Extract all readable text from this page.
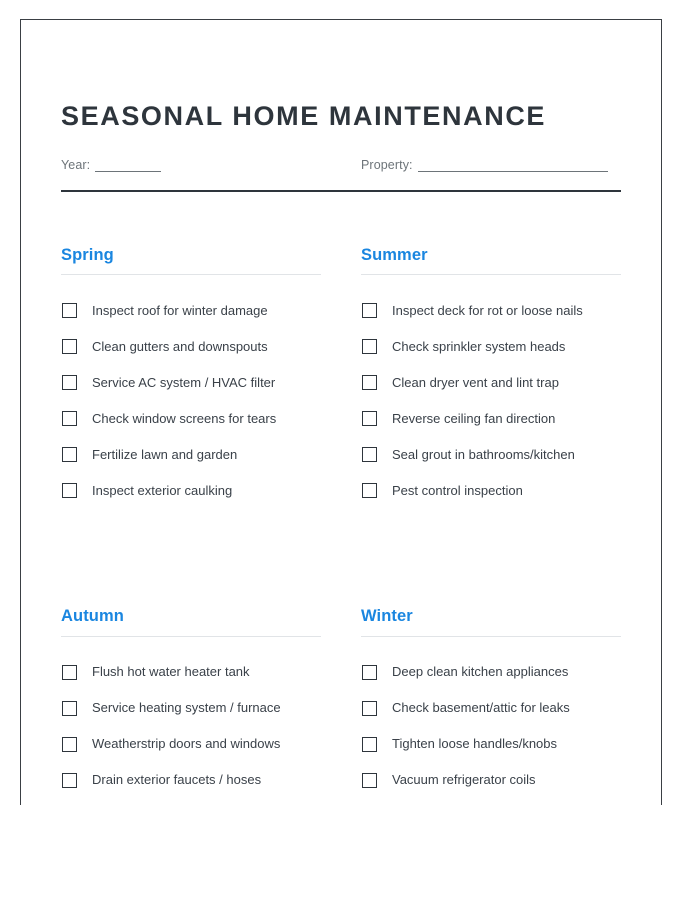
SEASONAL HOME MAINTENANCE
Year:	Property:
Spring
Inspect roof for winter damage
Clean gutters and downspouts
Service AC system / HVAC filter
Check window screens for tears
Fertilize lawn and garden
Inspect exterior caulking
Summer
Inspect deck for rot or loose nails
Check sprinkler system heads
Clean dryer vent and lint trap
Reverse ceiling fan direction
Seal grout in bathrooms/kitchen
Pest control inspection
Autumn
Flush hot water heater tank
Service heating system / furnace
Weatherstrip doors and windows
Drain exterior faucets / hoses
Winter
Deep clean kitchen appliances
Check basement/attic for leaks
Tighten loose handles/knobs
Vacuum refrigerator coils
